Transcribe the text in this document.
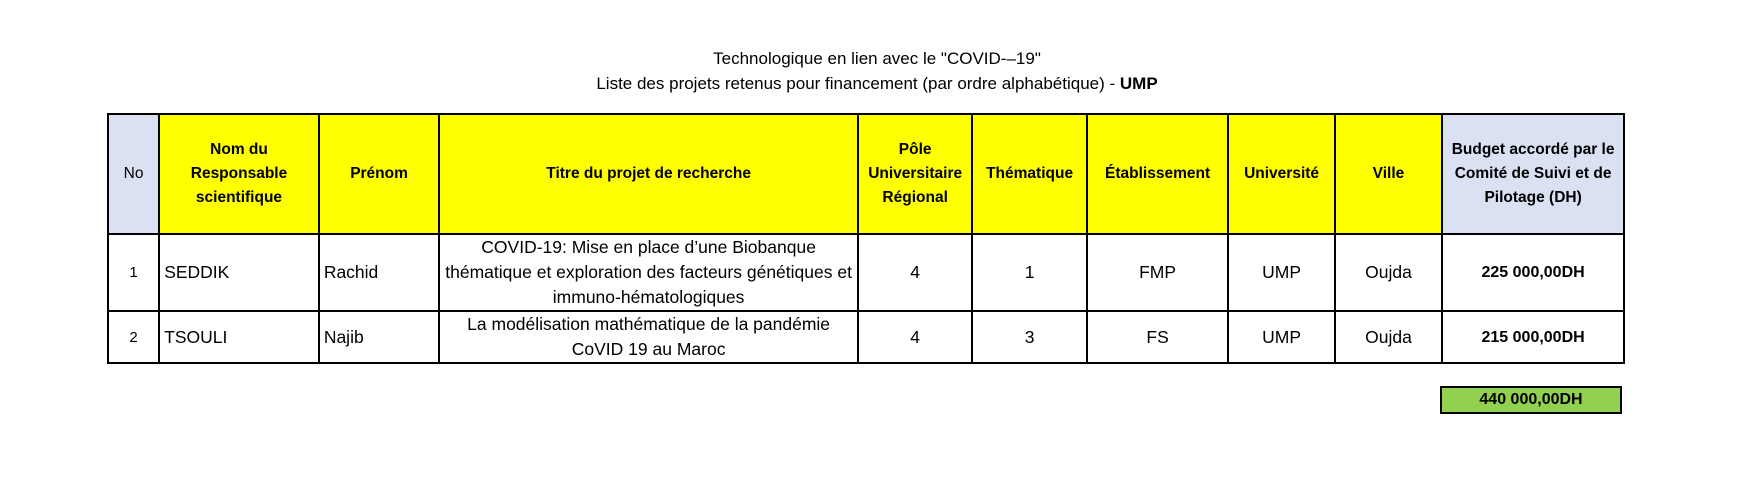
Technologique en lien avec le "COVID-–19"
Liste des projets retenus pour financement (par ordre alphabétique) - UMP
No	Nom du Responsable scientifique	Prénom	Titre du projet de recherche	Pôle Universitaire Régional	Thématique	Établissement	Université	Ville	Budget accordé par le Comité de Suivi et de Pilotage (DH)
1	SEDDIK	Rachid	COVID-19: Mise en place d’une Biobanque thématique et exploration des facteurs génétiques et immuno-hématologiques	4	1	FMP	UMP	Oujda	225 000,00DH
2	TSOULI	Najib	La modélisation mathématique de la pandémie CoVID 19 au Maroc	4	3	FS	UMP	Oujda	215 000,00DH
440 000,00DH
